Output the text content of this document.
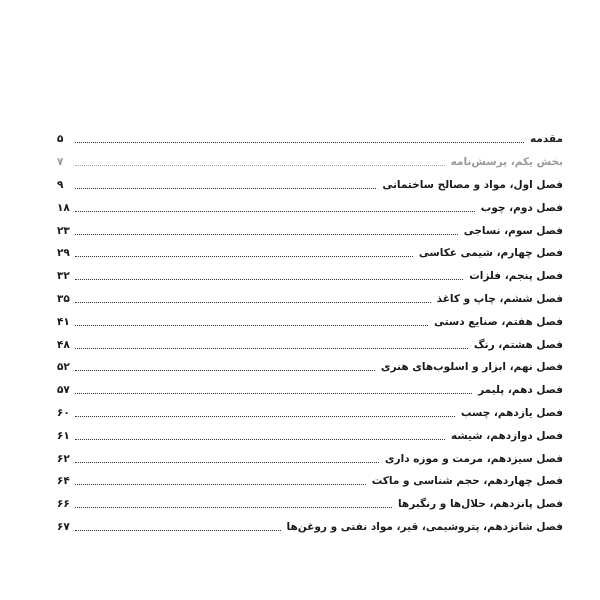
مقدمه
۵
بخش یکم، پرسش‌نامه
۷
فصل اول، مواد و مصالح ساختمانی
۹
فصل دوم، چوب
۱۸
فصل سوم، نساجی
۲۳
فصل چهارم، شیمی عکاسی
۲۹
فصل پنجم، فلزات
۳۲
فصل ششم، چاپ و کاغذ
۳۵
فصل هفتم، صنایع دستی
۴۱
فصل هشتم، رنگ
۴۸
فصل نهم، ابزار و اسلوب‌های هنری
۵۲
فصل دهم، پلیمر
۵۷
فصل یازدهم، چسب
۶۰
فصل دوازدهم، شیشه
۶۱
فصل سیزدهم، مرمت و موزه داری
۶۲
فصل چهاردهم، حجم شناسی و ماکت
۶۴
فصل پانزدهم، حلال‌ها و رنگبرها
۶۶
فصل شانزدهم، پتروشیمی، قیر، مواد نفتی و روغن‌ها
۶۷
